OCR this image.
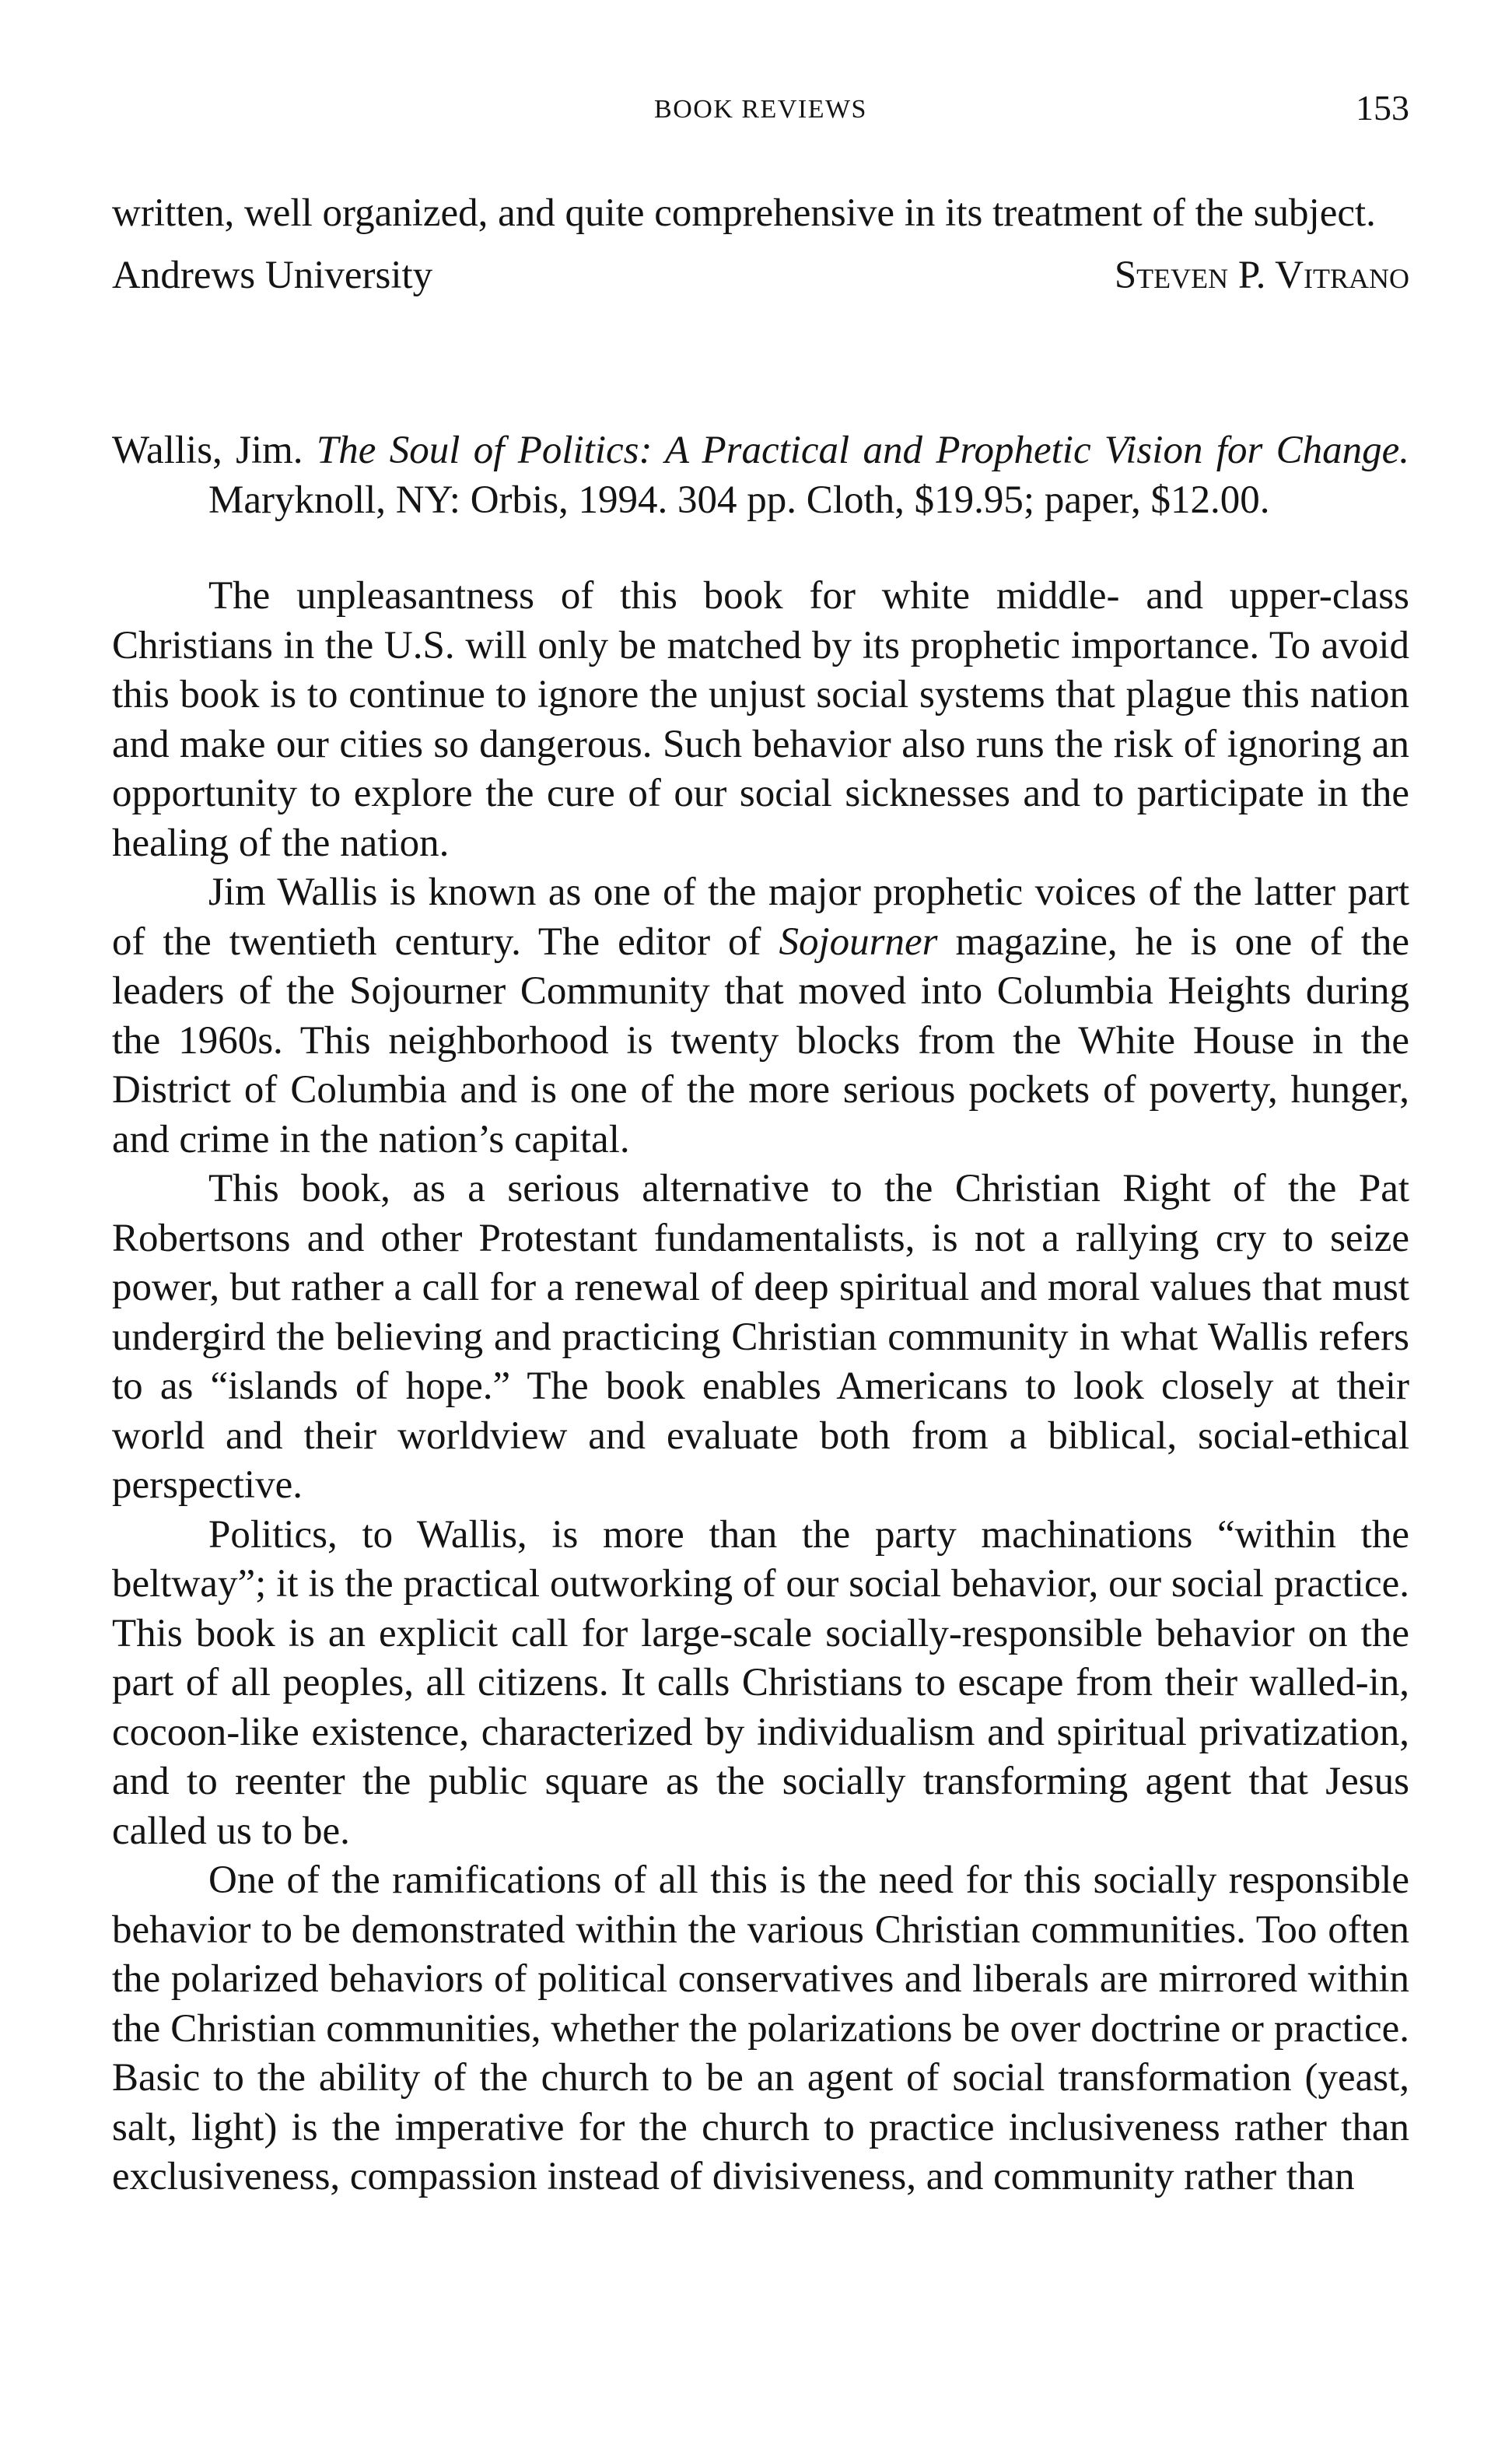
BOOK REVIEWS	153

written, well organized, and quite comprehensive in its treatment of the subject.

Andrews University	Steven P. Vitrano
Wallis, Jim. The Soul of Politics: A Practical and Prophetic Vision for Change. Maryknoll, NY: Orbis, 1994. 304 pp. Cloth, $19.95; paper, $12.00.

The unpleasantness of this book for white middle- and upper-class Christians in the U.S. will only be matched by its prophetic importance. To avoid this book is to continue to ignore the unjust social systems that plague this nation and make our cities so dangerous. Such behavior also runs the risk of ignoring an opportunity to explore the cure of our social sicknesses and to participate in the healing of the nation.

Jim Wallis is known as one of the major prophetic voices of the latter part of the twentieth century. The editor of Sojourner magazine, he is one of the leaders of the Sojourner Community that moved into Columbia Heights during the 1960s. This neighborhood is twenty blocks from the White House in the District of Columbia and is one of the more serious pockets of poverty, hunger, and crime in the nation’s capital.

This book, as a serious alternative to the Christian Right of the Pat Robertsons and other Protestant fundamentalists, is not a rallying cry to seize power, but rather a call for a renewal of deep spiritual and moral values that must undergird the believing and practicing Christian community in what Wallis refers to as “islands of hope.” The book enables Americans to look closely at their world and their worldview and evaluate both from a biblical, social-ethical perspective.

Politics, to Wallis, is more than the party machinations “within the beltway”; it is the practical outworking of our social behavior, our social practice. This book is an explicit call for large-scale socially-responsible behavior on the part of all peoples, all citizens. It calls Christians to escape from their walled-in, cocoon-like existence, characterized by individualism and spiritual privatization, and to reenter the public square as the socially transforming agent that Jesus called us to be.

One of the ramifications of all this is the need for this socially responsible behavior to be demonstrated within the various Christian communities. Too often the polarized behaviors of political conservatives and liberals are mirrored within the Christian communities, whether the polarizations be over doctrine or practice. Basic to the ability of the church to be an agent of social transformation (yeast, salt, light) is the imperative for the church to practice inclusiveness rather than exclusiveness, compassion instead of divisiveness, and community rather than
